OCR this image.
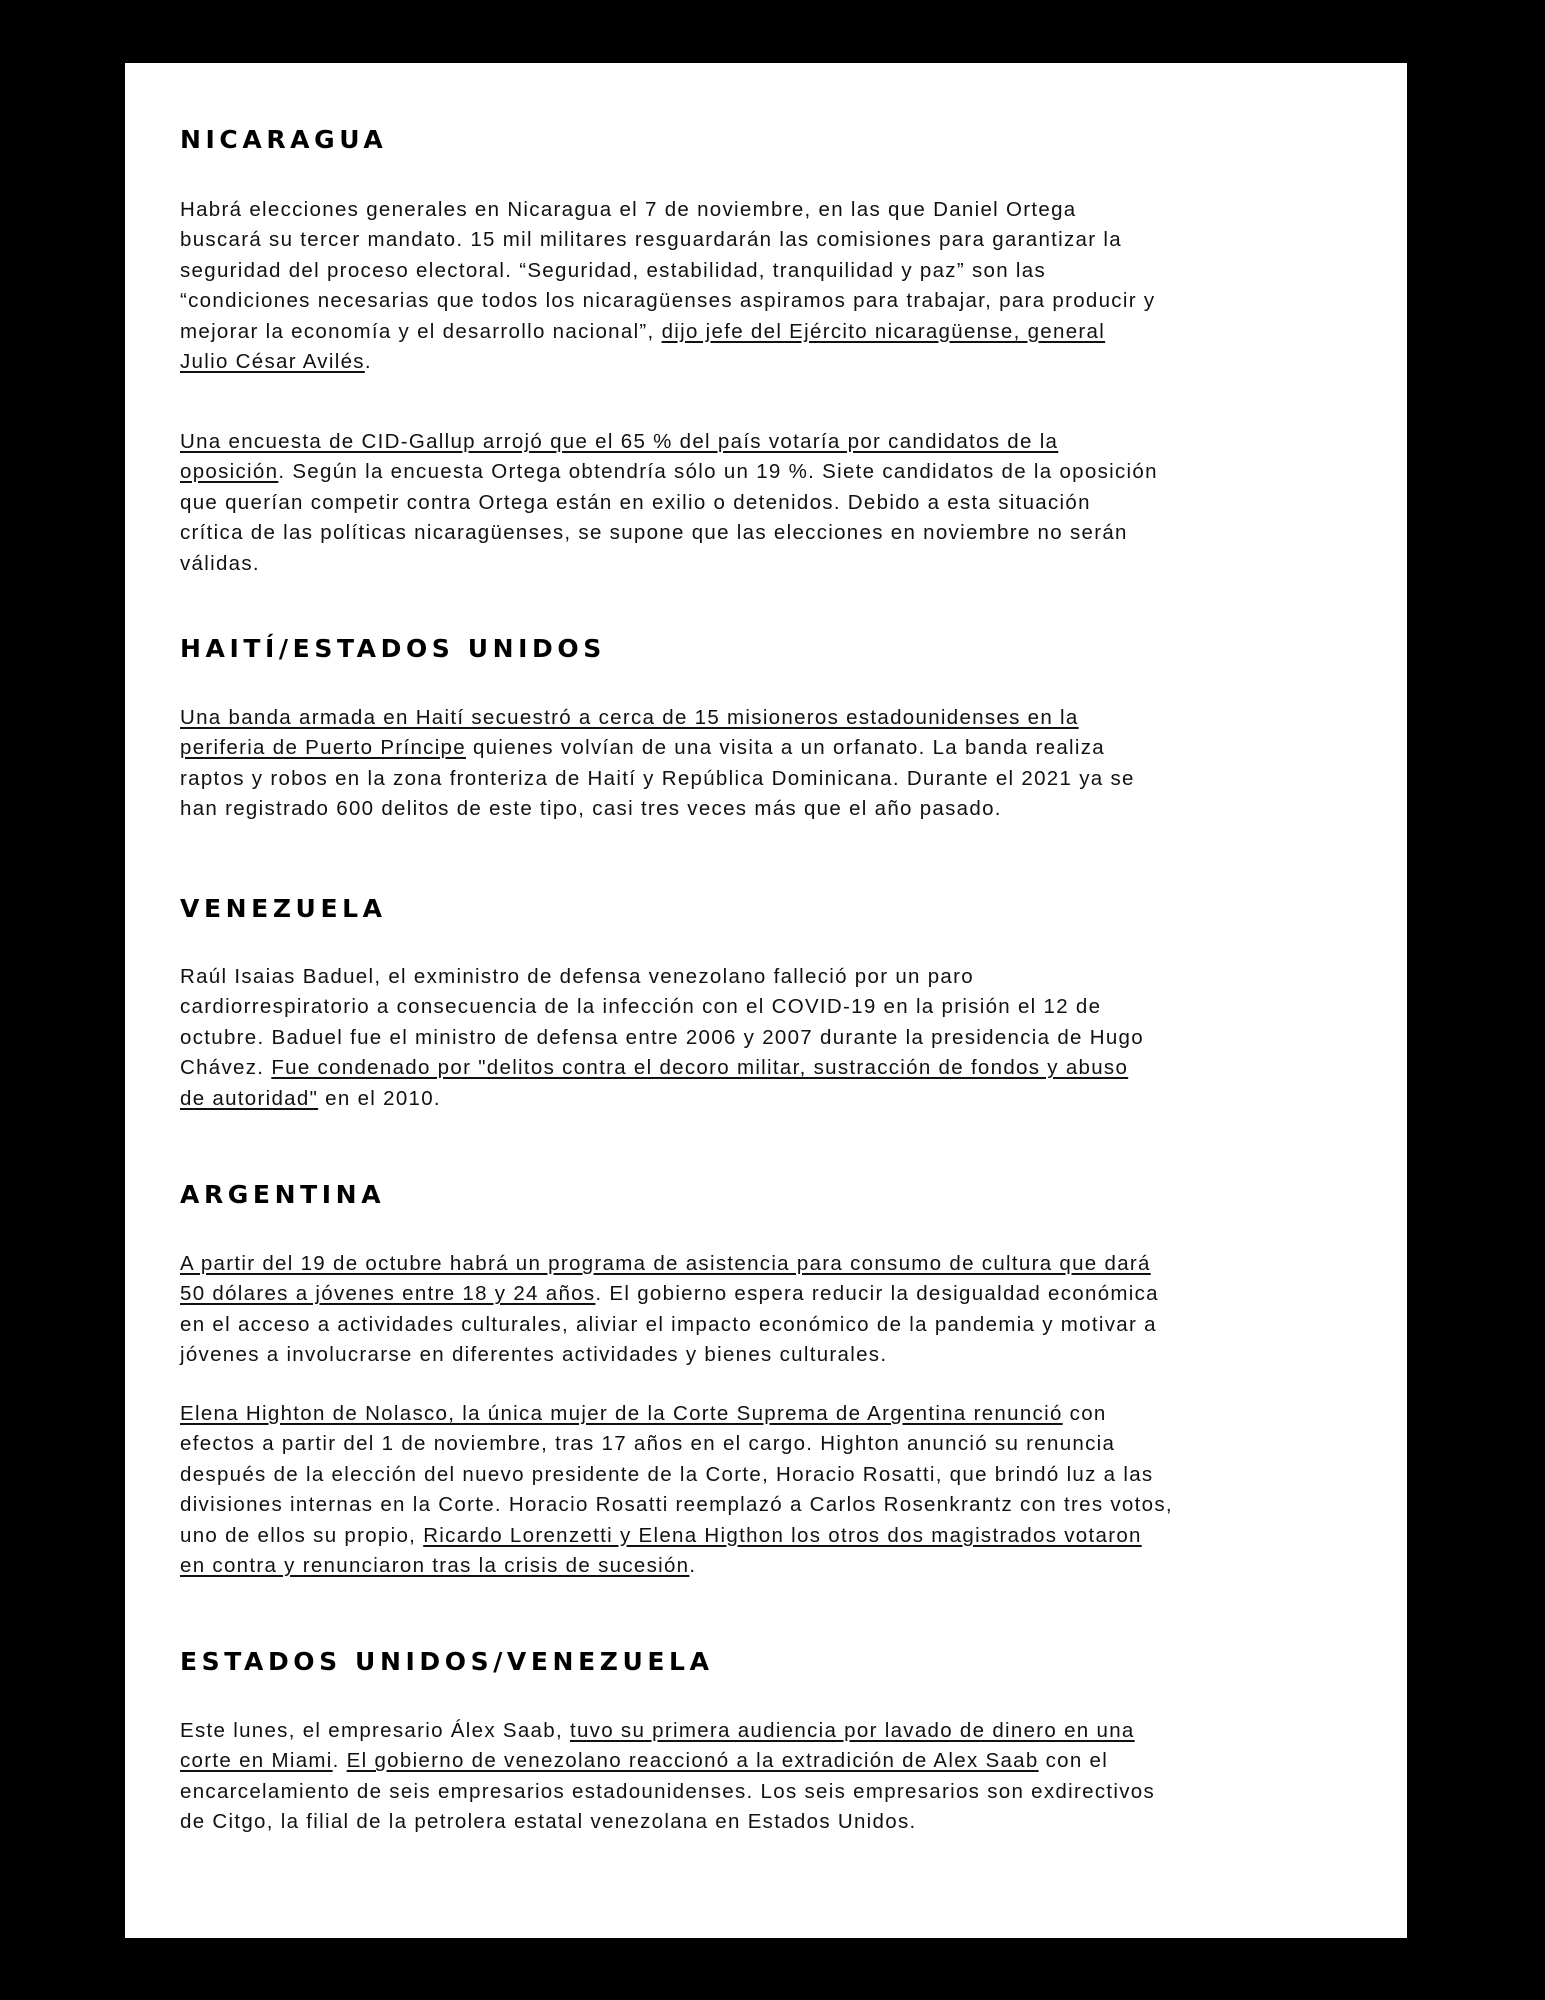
NICARAGUA
Habrá elecciones generales en Nicaragua el 7 de noviembre, en las que Daniel Ortega
buscará su tercer mandato. 15 mil militares resguardarán las comisiones para garantizar la
seguridad del proceso electoral. “Seguridad, estabilidad, tranquilidad y paz” son las
“condiciones necesarias que todos los nicaragüenses aspiramos para trabajar, para producir y
mejorar la economía y el desarrollo nacional”, dijo jefe del Ejército nicaragüense, general
Julio César Avilés.
Una encuesta de CID-Gallup arrojó que el 65 % del país votaría por candidatos de la
oposición. Según la encuesta Ortega obtendría sólo un 19 %. Siete candidatos de la oposición
que querían competir contra Ortega están en exilio o detenidos. Debido a esta situación
crítica de las políticas nicaragüenses, se supone que las elecciones en noviembre no serán
válidas.
HAITÍ/ESTADOS UNIDOS
Una banda armada en Haití secuestró a cerca de 15 misioneros estadounidenses en la
periferia de Puerto Príncipe quienes volvían de una visita a un orfanato. La banda realiza
raptos y robos en la zona fronteriza de Haití y República Dominicana. Durante el 2021 ya se
han registrado 600 delitos de este tipo, casi tres veces más que el año pasado.
VENEZUELA
Raúl Isaias Baduel, el exministro de defensa venezolano falleció por un paro
cardiorrespiratorio a consecuencia de la infección con el COVID-19 en la prisión el 12 de
octubre. Baduel fue el ministro de defensa entre 2006 y 2007 durante la presidencia de Hugo
Chávez. Fue condenado por "delitos contra el decoro militar, sustracción de fondos y abuso
de autoridad" en el 2010.
ARGENTINA
A partir del 19 de octubre habrá un programa de asistencia para consumo de cultura que dará
50 dólares a jóvenes entre 18 y 24 años. El gobierno espera reducir la desigualdad económica
en el acceso a actividades culturales, aliviar el impacto económico de la pandemia y motivar a
jóvenes a involucrarse en diferentes actividades y bienes culturales.
Elena Highton de Nolasco, la única mujer de la Corte Suprema de Argentina renunció con
efectos a partir del 1 de noviembre, tras 17 años en el cargo. Highton anunció su renuncia
después de la elección del nuevo presidente de la Corte, Horacio Rosatti, que brindó luz a las
divisiones internas en la Corte. Horacio Rosatti reemplazó a Carlos Rosenkrantz con tres votos,
uno de ellos su propio, Ricardo Lorenzetti y Elena Higthon los otros dos magistrados votaron
en contra y renunciaron tras la crisis de sucesión.
ESTADOS UNIDOS/VENEZUELA
Este lunes, el empresario Álex Saab, tuvo su primera audiencia por lavado de dinero en una
corte en Miami. El gobierno de venezolano reaccionó a la extradición de Alex Saab con el
encarcelamiento de seis empresarios estadounidenses. Los seis empresarios son exdirectivos
de Citgo, la filial de la petrolera estatal venezolana en Estados Unidos.
